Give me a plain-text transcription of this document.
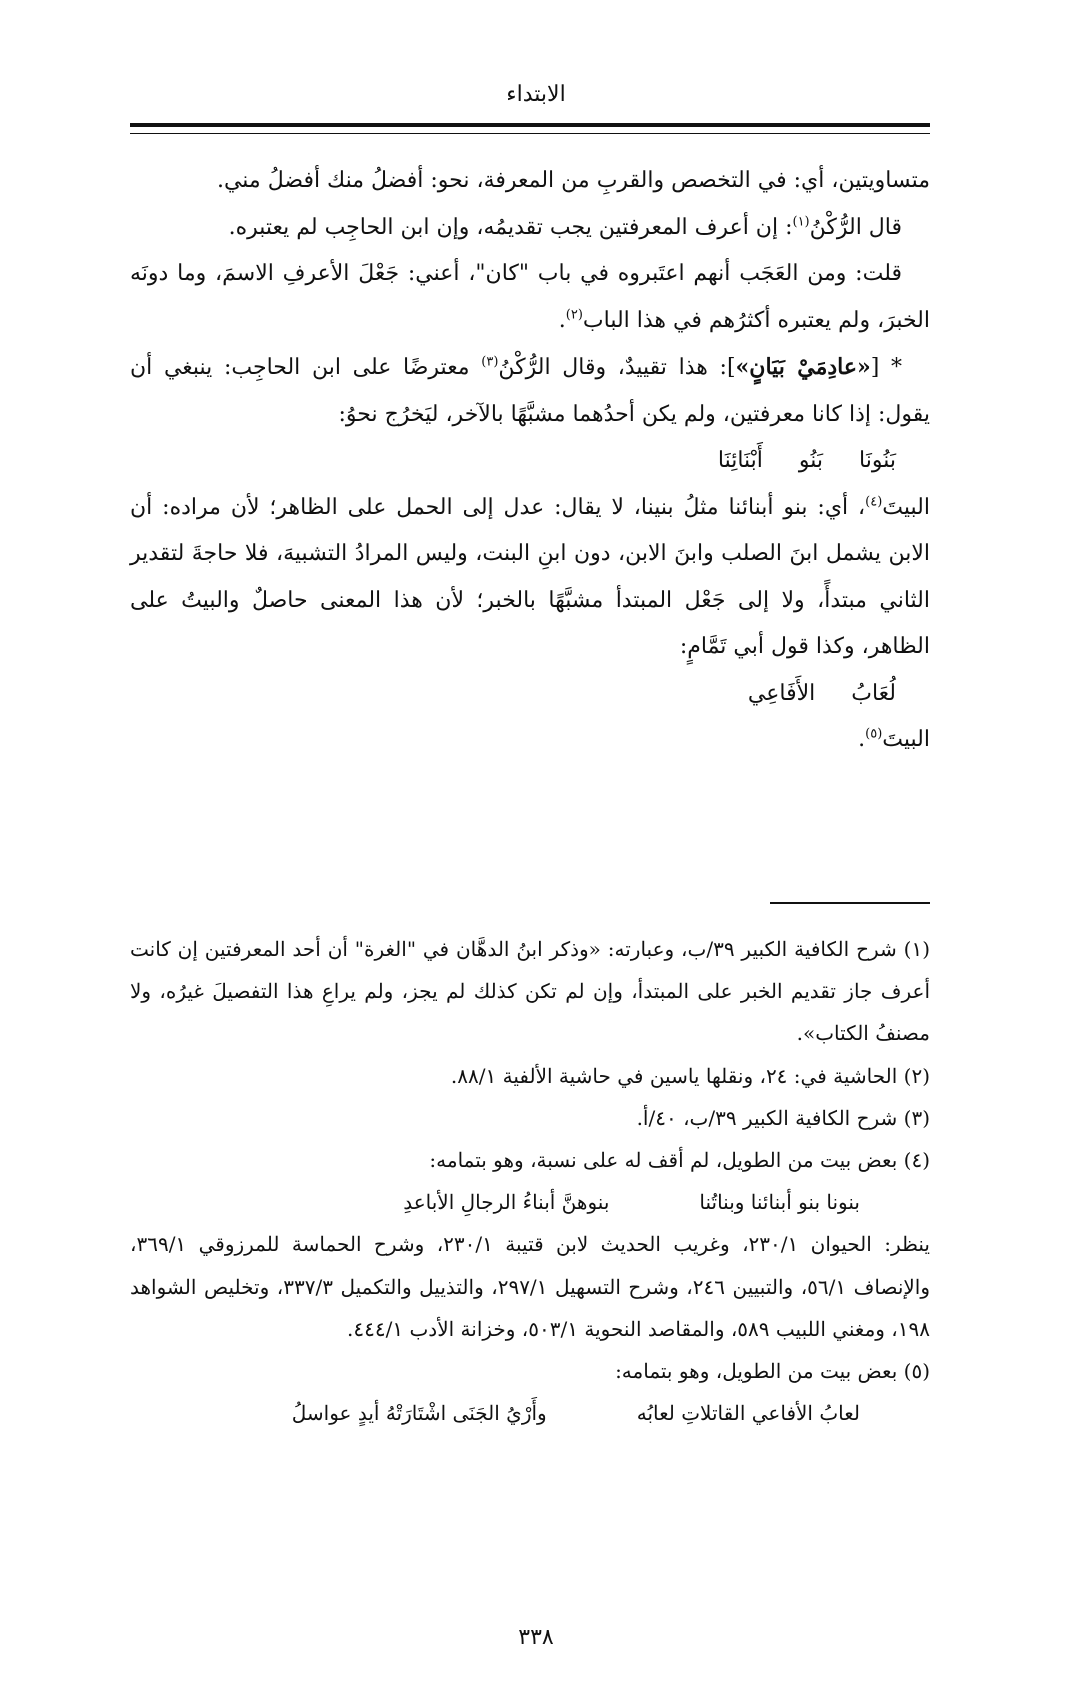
الابتداء

متساويتين، أي: في التخصص والقربِ من المعرفة، نحو: أفضلُ منك أفضلُ مني.

قال الرُّكْنُ$^{(١)}$: إن أعرف المعرفتين يجب تقديمُه، وإن ابن الحاجِب لم يعتبره.

قلت: ومن العَجَب أنهم اعتَبروه في باب "كان"، أعني: جَعْلَ الأعرفِ الاسمَ، وما دونَه الخبرَ، ولم يعتبره أكثرُهم في هذا الباب$^{(٢)}$.

* [«عادِمَيْ بَيَانٍ»]: هذا تقييدٌ، وقال الرُّكْنُ$^{(٣)}$ معترضًا على ابن الحاجِب: ينبغي أن يقول: إذا كانا معرفتين، ولم يكن أحدُهما مشبَّهًا بالآخر، ليَخرُج نحوُ:

بَنُونَابَنُوأَبْنَائِنَا

البيتَ$^{(٤)}$، أي: بنو أبنائنا مثلُ بنينا، لا يقال: عدل إلى الحمل على الظاهر؛ لأن مراده: أن الابن يشمل ابنَ الصلب وابنَ الابن، دون ابنِ البنت، وليس المرادُ التشبيهَ، فلا حاجةَ لتقدير الثاني مبتدأً، ولا إلى جَعْل المبتدأ مشبَّهًا بالخبر؛ لأن هذا المعنى حاصلٌ والبيتُ على الظاهر، وكذا قول أبي تَمَّامٍ:

لُعَابُالأَفَاعِي

البيتَ$^{(٥)}$.

(١) شرح الكافية الكبير ٣٩/ب، وعبارته: «وذكر ابنُ الدهَّان في "الغرة" أن أحد المعرفتين إن كانت أعرف جاز تقديم الخبر على المبتدأ، وإن لم تكن كذلك لم يجز، ولم يراعِ هذا التفصيلَ غيرُه، ولا مصنفُ الكتاب».

(٢) الحاشية في: ٢٤، ونقلها ياسين في حاشية الألفية ٨٨/١.

(٣) شرح الكافية الكبير ٣٩/ب، ٤٠/أ.

(٤) بعض بيت من الطويل، لم أقف له على نسبة، وهو بتمامه:

بنونا بنو أبنائنا وبناتُنابنوهنَّ أبناءُ الرجالِ الأباعدِ

ينظر: الحيوان ٢٣٠/١، وغريب الحديث لابن قتيبة ٢٣٠/١، وشرح الحماسة للمرزوقي ٣٦٩/١، والإنصاف ٥٦/١، والتبيين ٢٤٦، وشرح التسهيل ٢٩٧/١، والتذييل والتكميل ٣٣٧/٣، وتخليص الشواهد ١٩٨، ومغني اللبيب ٥٨٩، والمقاصد النحوية ٥٠٣/١، وخزانة الأدب ٤٤٤/١.

(٥) بعض بيت من الطويل، وهو بتمامه:

لعابُ الأفاعي القاتلاتِ لعابُهوأَرْيُ الجَنَى اشْتَارَتْهُ أيدٍ عواسلُ

٣٣٨
